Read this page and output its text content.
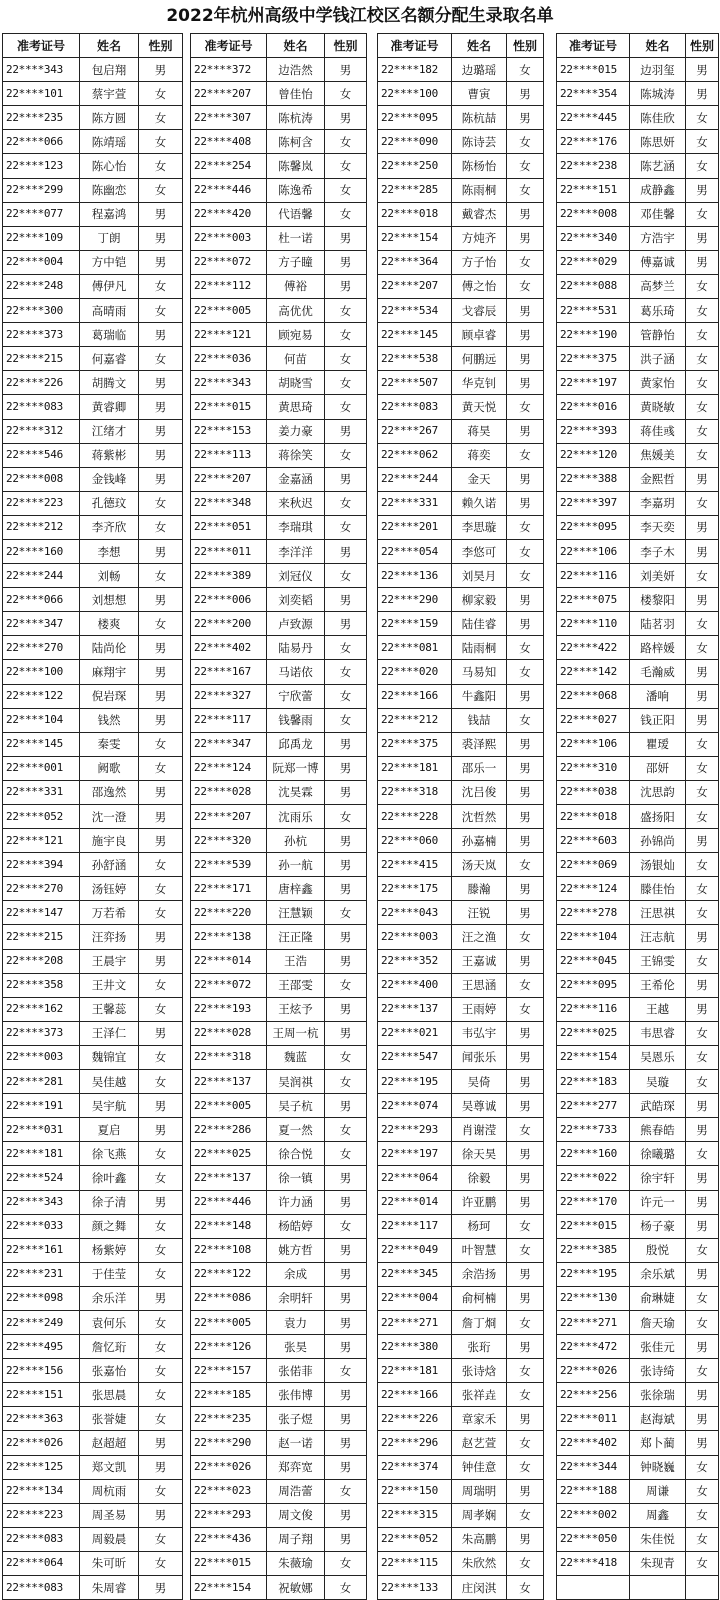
2022年杭州高级中学钱江校区名额分配生录取名单
准考证号	姓名	性别
22****343	包启翔	男
22****101	蔡宇萱	女
22****235	陈方圆	女
22****066	陈靖瑶	女
22****123	陈心怡	女
22****299	陈幽恋	女
22****077	程嘉鸿	男
22****109	丁朗	男
22****004	方中铠	男
22****248	傅伊凡	女
22****300	高晴雨	女
22****373	葛瑞临	男
22****215	何嘉睿	女
22****226	胡腾文	男
22****083	黄睿卿	男
22****312	江绪才	男
22****546	蒋紫彬	男
22****008	金钱峰	男
22****223	孔德玟	女
22****212	李齐欣	女
22****160	李想	男
22****244	刘畅	女
22****066	刘想想	男
22****347	楼爽	女
22****270	陆尚伦	男
22****100	麻翔宇	男
22****122	倪岩琛	男
22****104	钱然	男
22****145	秦雯	女
22****001	阙歌	女
22****331	邵逸然	男
22****052	沈一澄	男
22****121	施宇良	男
22****394	孙舒涵	女
22****270	汤钰婷	女
22****147	万若希	女
22****215	汪弈扬	男
22****208	王晨宇	男
22****358	王井文	女
22****162	王馨蕊	女
22****373	王泽仁	男
22****003	魏锦宜	女
22****281	吴佳越	女
22****191	吴宇航	男
22****031	夏启	男
22****181	徐飞燕	女
22****524	徐叶鑫	女
22****343	徐子清	男
22****033	颜之舞	女
22****161	杨紫婷	女
22****231	于佳莹	女
22****098	余乐洋	男
22****249	袁何乐	女
22****495	詹忆珩	女
22****156	张嘉怡	女
22****151	张思晨	女
22****363	张誉婕	女
22****026	赵超超	男
22****125	郑文凯	男
22****134	周杭雨	女
22****223	周圣易	男
22****083	周毅晨	女
22****064	朱可昕	女
22****083	朱周睿	男
准考证号	姓名	性别
22****372	边浩然	男
22****207	曾佳怡	女
22****307	陈杭涛	男
22****408	陈柯含	女
22****254	陈馨岚	女
22****446	陈逸希	女
22****420	代语馨	女
22****003	杜一诺	男
22****072	方子瞳	男
22****112	傅裕	男
22****005	高优优	女
22****121	顾宛易	女
22****036	何苗	女
22****343	胡晓雪	女
22****015	黄思琦	女
22****153	姜力豪	男
22****113	蒋徐笑	女
22****207	金嘉涵	男
22****348	来秋迟	女
22****051	李瑞琪	女
22****011	李洋洋	男
22****389	刘冠仪	女
22****006	刘奕韬	男
22****200	卢致源	男
22****402	陆易丹	女
22****167	马诺依	女
22****327	宁欣蕾	女
22****117	钱馨雨	女
22****347	邱禹龙	男
22****124	阮郑一博	男
22****028	沈昊霖	男
22****207	沈雨乐	女
22****320	孙杭	男
22****539	孙一航	男
22****171	唐梓鑫	男
22****220	汪慧颖	女
22****138	汪正隆	男
22****014	王浩	男
22****072	王邵雯	女
22****193	王炫予	男
22****028	王周一杭	男
22****318	魏蓝	女
22****137	吴润祺	女
22****005	吴子杭	男
22****286	夏一然	女
22****025	徐合悦	女
22****137	徐一镇	男
22****446	许力涵	男
22****148	杨皓婷	女
22****108	姚方哲	男
22****122	余成	男
22****086	余明轩	男
22****005	袁力	男
22****126	张昊	男
22****157	张偌菲	女
22****185	张伟博	男
22****235	张子煜	男
22****290	赵一诺	男
22****026	郑弈宽	男
22****023	周浩蕾	女
22****293	周文俊	男
22****436	周子翔	男
22****015	朱薇瑜	女
22****154	祝敏娜	女
准考证号	姓名	性别
22****182	边璐瑶	女
22****100	曹寅	男
22****095	陈杭喆	男
22****090	陈诗芸	女
22****250	陈杨怡	女
22****285	陈雨桐	女
22****018	戴睿杰	男
22****154	方炖齐	男
22****364	方子怡	女
22****207	傅之怡	女
22****534	戈睿辰	男
22****145	顾卓睿	男
22****538	何鹏远	男
22****507	华克钊	男
22****083	黄天悦	女
22****267	蒋昊	男
22****062	蒋奕	女
22****244	金天	男
22****331	赖久诺	男
22****201	李思璇	女
22****054	李悠可	女
22****136	刘昊月	女
22****290	柳家毅	男
22****159	陆佳睿	男
22****081	陆雨桐	女
22****020	马易知	女
22****166	牛鑫阳	男
22****212	钱喆	女
22****375	裘泽熙	男
22****181	邵乐一	男
22****318	沈吕俊	男
22****228	沈哲然	男
22****060	孙嘉楠	男
22****415	汤天岚	女
22****175	滕瀚	男
22****043	汪锐	男
22****003	汪之渔	女
22****352	王嘉诚	男
22****400	王思涵	女
22****137	王雨婷	女
22****021	韦弘宇	男
22****547	闻张乐	男
22****195	吴倚	男
22****074	吴尊诚	男
22****293	肖谢滢	女
22****197	徐天昊	男
22****064	徐毅	男
22****014	许亚鹏	男
22****117	杨珂	女
22****049	叶智慧	女
22****345	余浩扬	男
22****004	俞柯楠	男
22****271	詹丁烱	女
22****380	张珩	男
22****181	张诗焓	女
22****166	张祥垚	女
22****226	章家禾	男
22****296	赵艺萱	女
22****374	钟佳意	女
22****150	周瑞明	男
22****315	周孝娴	女
22****052	朱高鹏	男
22****115	朱欣然	女
22****133	庄闵淇	女
准考证号	姓名	性别
22****015	边羽玺	男
22****354	陈城涛	男
22****445	陈佳欣	女
22****176	陈思妍	女
22****238	陈艺涵	女
22****151	成静鑫	男
22****008	邓佳馨	女
22****340	方浩宇	男
22****029	傅嘉诚	男
22****088	高梦兰	女
22****531	葛乐琦	女
22****190	管静怡	女
22****375	洪子涵	女
22****197	黄家怡	女
22****016	黄晓敏	女
22****393	蒋佳彧	女
22****120	焦媛美	女
22****388	金熙哲	男
22****397	李嘉玥	女
22****095	李天奕	男
22****106	李子木	男
22****116	刘美妍	女
22****075	楼黎阳	男
22****110	陆茗羽	女
22****422	路梓媛	女
22****142	毛瀚威	男
22****068	潘响	男
22****027	钱正阳	男
22****106	瞿瑷	女
22****310	邵妍	女
22****038	沈思韵	女
22****018	盛扬阳	女
22****603	孙锦尚	男
22****069	汤银灿	女
22****124	滕佳怡	女
22****278	汪思祺	女
22****104	汪志航	男
22****045	王锦雯	女
22****095	王希伦	男
22****116	王越	男
22****025	韦思睿	女
22****154	吴恩乐	女
22****183	吴璇	女
22****277	武皓琛	男
22****733	熊春皓	男
22****160	徐曦璐	女
22****022	徐宇轩	男
22****170	许元一	男
22****015	杨子豪	男
22****385	殷悦	女
22****195	余乐斌	男
22****130	俞琳婕	女
22****271	詹天瑜	女
22****472	张佳元	男
22****026	张诗绮	女
22****256	张徐瑞	男
22****011	赵海斌	男
22****402	郑卜蔺	男
22****344	钟晓巍	女
22****188	周谦	女
22****002	周鑫	女
22****050	朱佳悦	女
22****418	朱现青	女
